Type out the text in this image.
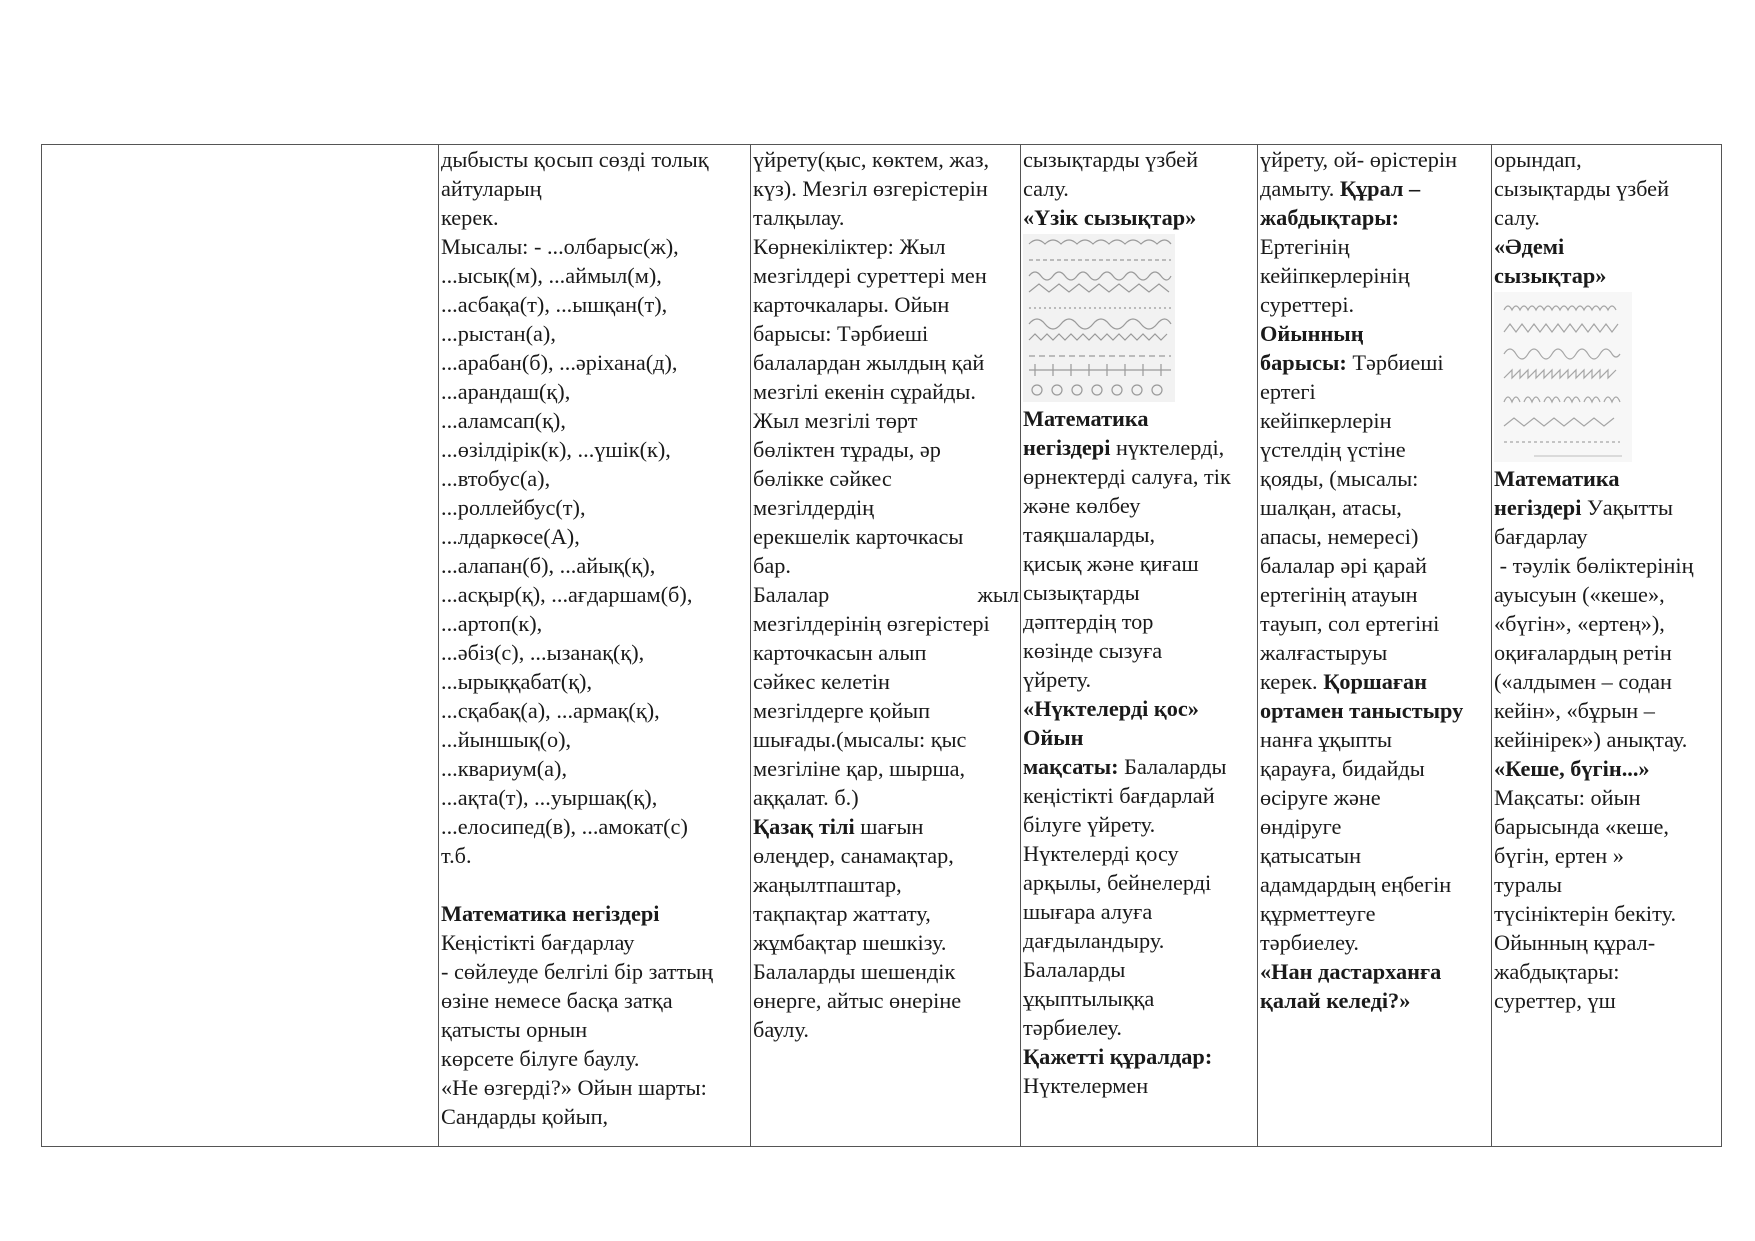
дыбысты қосып сөзді толық

айтуларың

керек.

Мысалы: - ...олбарыс(ж),

...ысық(м), ...аймыл(м),

...асбақа(т), ...ышқан(т),

...рыстан(а),

...арабан(б), ...әріхана(д),

...арандаш(қ),

...аламсап(қ),

...өзілдірік(к), ...үшік(к),

...втобус(а),

...роллейбус(т),

...лдаркөсе(А),

...алапан(б), ...айық(қ),

...асқыр(қ), ...ағдаршам(б),

...артоп(к),

...әбіз(с), ...ызанақ(қ),

...ырыққабат(қ),

...сқабақ(а), ...армақ(қ),

...йыншық(о),

...квариум(а),

...ақта(т), ...уыршақ(қ),

...елосипед(в), ...амокат(с)

т.б.

Математика негіздері

Кеңістікті бағдарлау

- сөйлеуде белгілі бір заттың

өзіне немесе басқа затқа

қатысты орнын

көрсете білуге баулу.

«Не өзгерді?» Ойын шарты:

Сандарды қойып,

үйрету(қыс, көктем, жаз,

күз). Мезгіл өзгерістерін

талқылау.

Көрнекіліктер: Жыл

мезгілдері суреттері мен

карточкалары. Ойын

барысы: Тәрбиеші

балалардан жылдың қай

мезгілі екенін сұрайды.

Жыл мезгілі төрт

бөліктен тұрады, әр

бөлікке сәйкес

мезгілдердің

ерекшелік карточкасы

бар.

Балалар	жыл

мезгілдерінің өзгерістері

карточкасын алып

сәйкес келетін

мезгілдерге қойып

шығады.(мысалы: қыс

мезгіліне қар, шырша,

аққалат. б.)

Қазақ тілі шағын

өлеңдер, санамақтар,

жаңылтпаштар,

тақпақтар жаттату,

жұмбақтар шешкізу.

Балаларды шешендік

өнерге, айтыс өнеріне

баулу.

сызықтарды үзбей

салу.

«Үзік сызықтар»

Математика

негіздері нүктелерді,

өрнектерді салуға, тік

және көлбеу

таяқшаларды,

қисық және қиғаш

сызықтарды

дәптердің тор

көзінде сызуға

үйрету.

«Нүктелерді қос»

Ойын

мақсаты: Балаларды

кеңістікті бағдарлай

білуге үйрету.

Нүктелерді қосу

арқылы, бейнелерді

шығара алуға

дағдыландыру.

Балаларды

ұқыптылыққа

тәрбиелеу.

Қажетті құралдар:

Нүктелермен

үйрету, ой- өрістерін

дамыту. Құрал –

жабдықтары:

Ертегінің

кейіпкерлерінің

суреттері.

Ойынның

барысы: Тәрбиеші

ертегі

кейіпкерлерін

үстелдің үстіне

қояды, (мысалы:

шалқан, атасы,

апасы, немересі)

балалар әрі қарай

ертегінің атауын

тауып, сол ертегіні

жалғастыруы

керек. Қоршаған

ортамен таныстыру

нанға ұқыпты

қарауға, бидайды

өсіруге және

өндіруге

қатысатын

адамдардың еңбегін

құрметтеуге

тәрбиелеу.

«Нан дастарханға

қалай келеді?»

орындап,

сызықтарды үзбей

салу.

«Әдемі

сызықтар»

Математика

негіздері Уақытты

бағдарлау

- тәулік бөліктерінің

ауысуын («кеше»,

«бүгін», «ертең»),

оқиғалардың ретін

(«алдымен – содан

кейін», «бұрын –

кейінірек») анықтау.

«Кеше, бүгін...»

Мақсаты: ойын

барысында «кеше,

бүгін, ертен »

туралы

түсініктерін бекіту.

Ойынның құрал-

жабдықтары:

суреттер, үш
